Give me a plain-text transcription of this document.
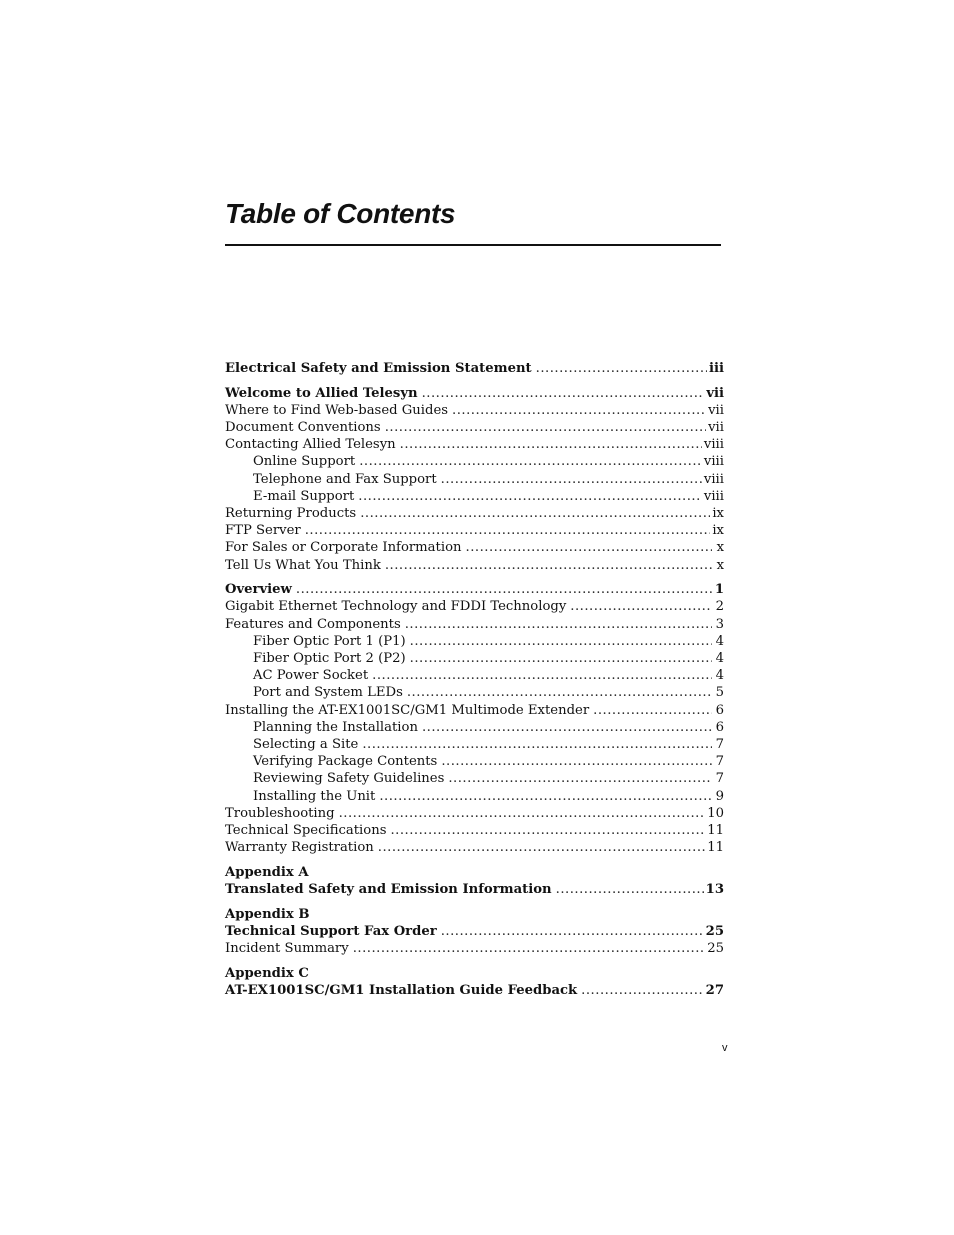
Table of Contents
Electrical Safety and Emission Statement .....	iii
Welcome to Allied Telesyn .....	vii
Where to Find Web-based Guides .....	vii
Document Conventions .....	vii
Contacting Allied Telesyn .....	viii
Online Support .....	viii
Telephone and Fax Support .....	viii
E-mail Support .....	viii
Returning Products .....	ix
FTP Server .....	ix
For Sales or Corporate Information .....	x
Tell Us What You Think .....	x
Overview .....	1
Gigabit Ethernet Technology and FDDI Technology .....	2
Features and Components .....	3
Fiber Optic Port 1 (P1) .....	4
Fiber Optic Port 2 (P2) .....	4
AC Power Socket .....	4
Port and System LEDs .....	5
Installing the AT-EX1001SC/GM1 Multimode Extender .....	6
Planning the Installation .....	6
Selecting a Site .....	7
Verifying Package Contents .....	7
Reviewing Safety Guidelines .....	7
Installing the Unit .....	9
Troubleshooting .....	10
Technical Specifications .....	11
Warranty Registration .....	11
Appendix A
Translated Safety and Emission Information .....	13
Appendix B
Technical Support Fax Order .....	25
Incident Summary .....	25
Appendix C
AT-EX1001SC/GM1 Installation Guide Feedback .....	27
v
